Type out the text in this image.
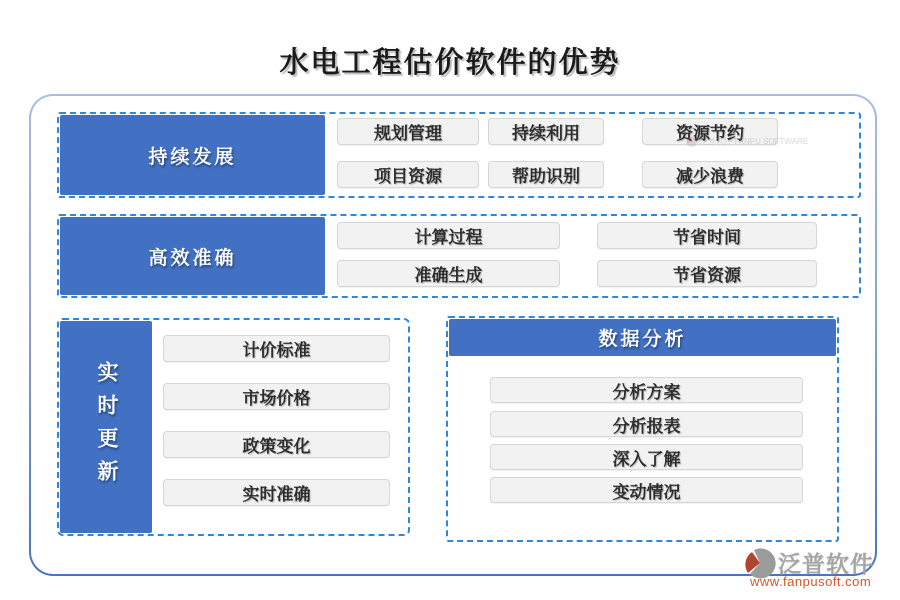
水电工程估价软件的优势
持续发展
规划管理	持续利用	资源节约
项目资源	帮助识别	减少浪费
泛普软件 FANPU SOFTWARE
高效准确
计算过程	节省时间
准确生成	节省资源
实时更新
计价标准
市场价格
政策变化
实时准确
数据分析
分析方案
分析报表
深入了解
变动情况
泛普软件
www.fanpusoft.com
